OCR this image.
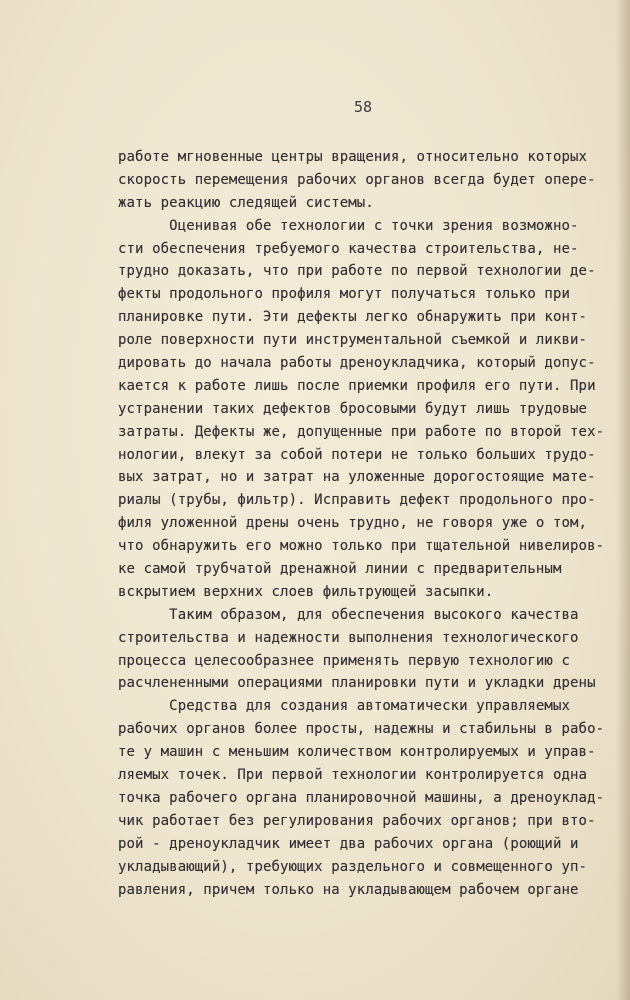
58
работе мгновенные центры вращения, относительно которых
скорость перемещения рабочих органов всегда будет опере-
жать реакцию следящей системы.
Оценивая обе технологии с точки зрения возможно-
сти обеспечения требуемого качества строительства, не-
трудно доказать, что при работе по первой технологии де-
фекты продольного профиля могут получаться только при
планировке пути. Эти дефекты легко обнаружить при конт-
роле поверхности пути инструментальной съемкой и ликви-
дировать до начала работы дреноукладчика, который допус-
кается к работе лишь после приемки профиля его пути. При
устранении таких дефектов бросовыми будут лишь трудовые
затраты. Дефекты же, допущенные при работе по второй тех-
нологии, влекут за собой потери не только больших трудо-
вых затрат, но и затрат на уложенные дорогостоящие мате-
риалы (трубы, фильтр). Исправить дефект продольного про-
филя уложенной дрены очень трудно, не говоря уже о том,
что обнаружить его можно только при тщательной нивелиров-
ке самой трубчатой дренажной линии с предварительным
вскрытием верхних слоев фильтрующей засыпки.
Таким образом, для обеспечения высокого качества
строительства и надежности выполнения технологического
процесса целесообразнее применять первую технологию с
расчлененными операциями планировки пути и укладки дрены
Средства для создания автоматически управляемых
рабочих органов более просты, надежны и стабильны в рабо-
те у машин с меньшим количеством контролируемых и управ-
ляемых точек. При первой технологии контролируется одна
точка рабочего органа планировочной машины, а дреноуклад-
чик работает без регулирования рабочих органов; при вто-
рой - дреноукладчик имеет два рабочих органа (роющий и
укладывающий), требующих раздельного и совмещенного уп-
равления, причем только на укладывающем рабочем органе
